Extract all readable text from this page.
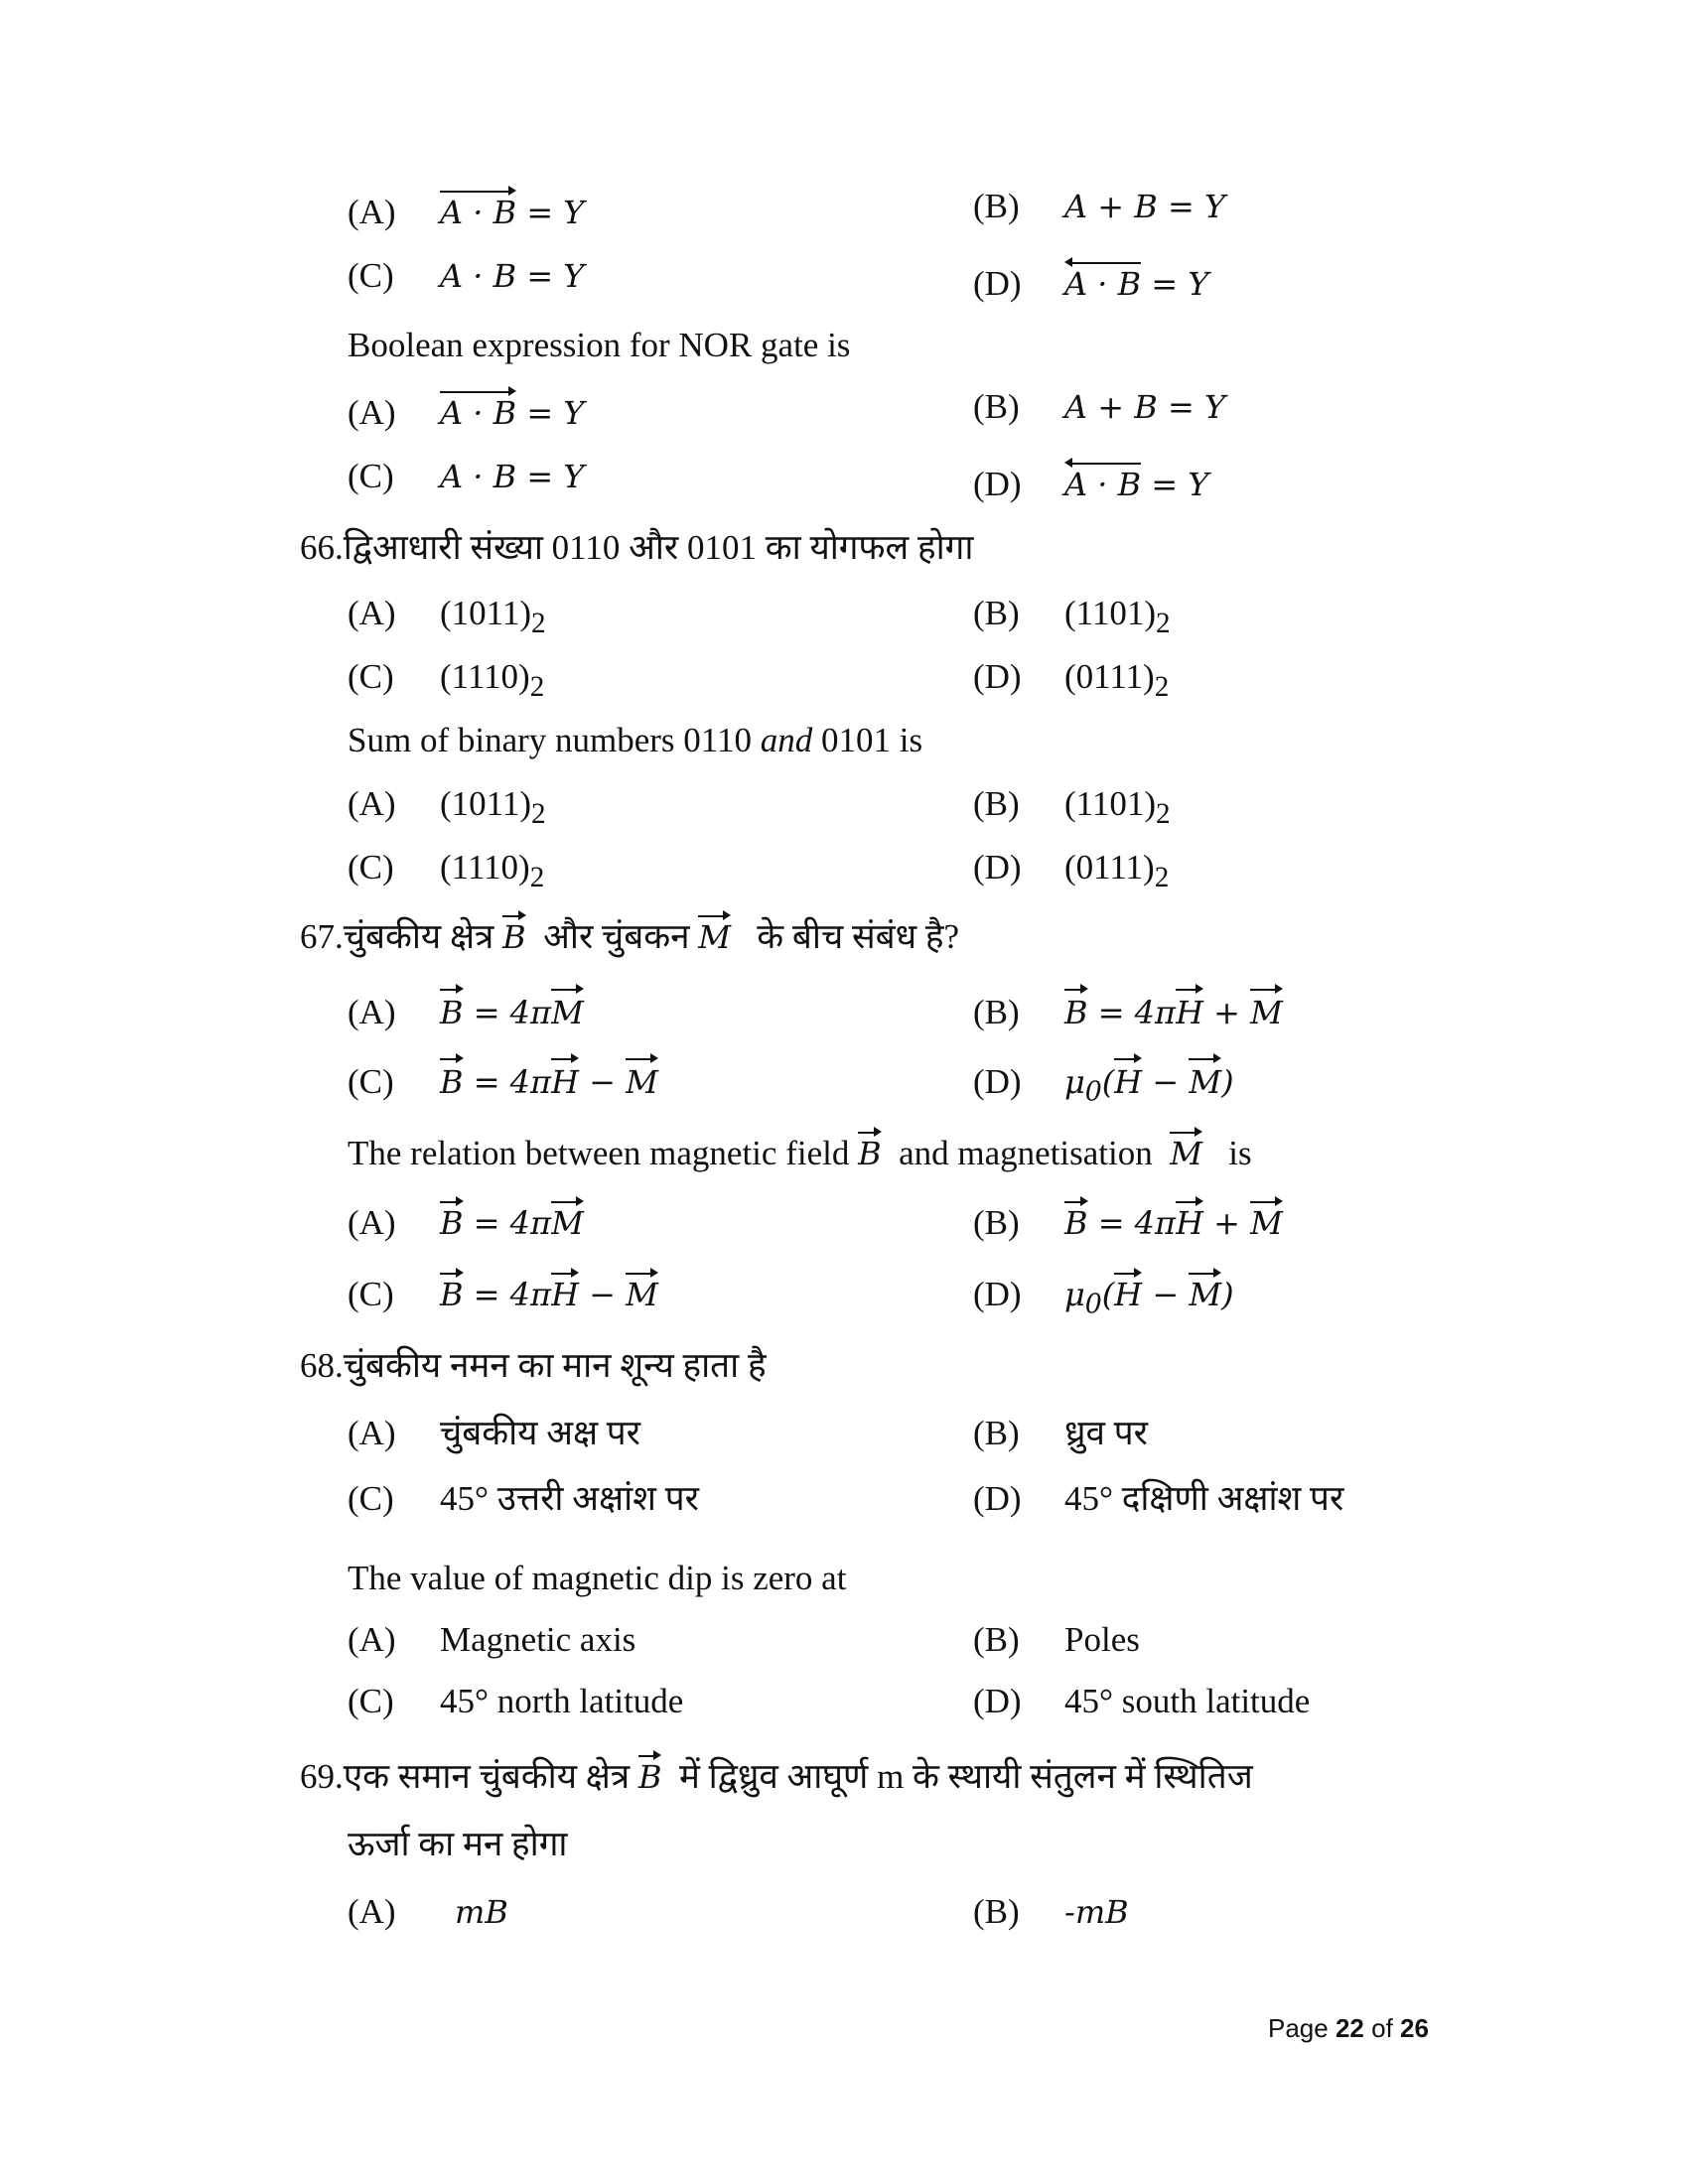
(A) A · B = Y	(B) A + B = Y
(C) A · B = Y	(D) A · B = Y
Boolean expression for NOR gate is
(A) A · B = Y	(B) A + B = Y
(C) A · B = Y	(D) A · B = Y
66.द्विआधारी संख्या 0110 और 0101 का योगफल होगा
(A) $(1011)_2$	(B) $(1101)_2$
(C) $(1110)_2$	(D) $(0111)_2$
Sum of binary numbers 0110 and 0101 is
(A) $(1011)_2$	(B) $(1101)_2$
(C) $(1110)_2$	(D) $(0111)_2$
67.चुंबकीय क्षेत्र B और चुंबकन M के बीच संबंध है?
(A) B = 4πM	(B) B = 4πH + M
(C) B = 4πH − M	(D) $\mu_0(H - M)$
The relation between magnetic field B and magnetisation M is
(A) B = 4πM	(B) B = 4πH + M
(C) B = 4πH − M	(D) $\mu_0(H - M)$
68.चुंबकीय नमन का मान शून्य हाता है
(A) चुंबकीय अक्ष पर	(B) ध्रुव पर
(C) 45° उत्तरी अक्षांश पर	(D) 45° दक्षिणी अक्षांश पर
The value of magnetic dip is zero at
(A) Magnetic axis	(B) Poles
(C) 45° north latitude	(D) 45° south latitude
69.एक समान चुंबकीय क्षेत्र B में द्विध्रुव आघूर्ण m के स्थायी संतुलन में स्थितिज
ऊर्जा का मन होगा
(A) mB	(B) -mB
Page 22 of 26
